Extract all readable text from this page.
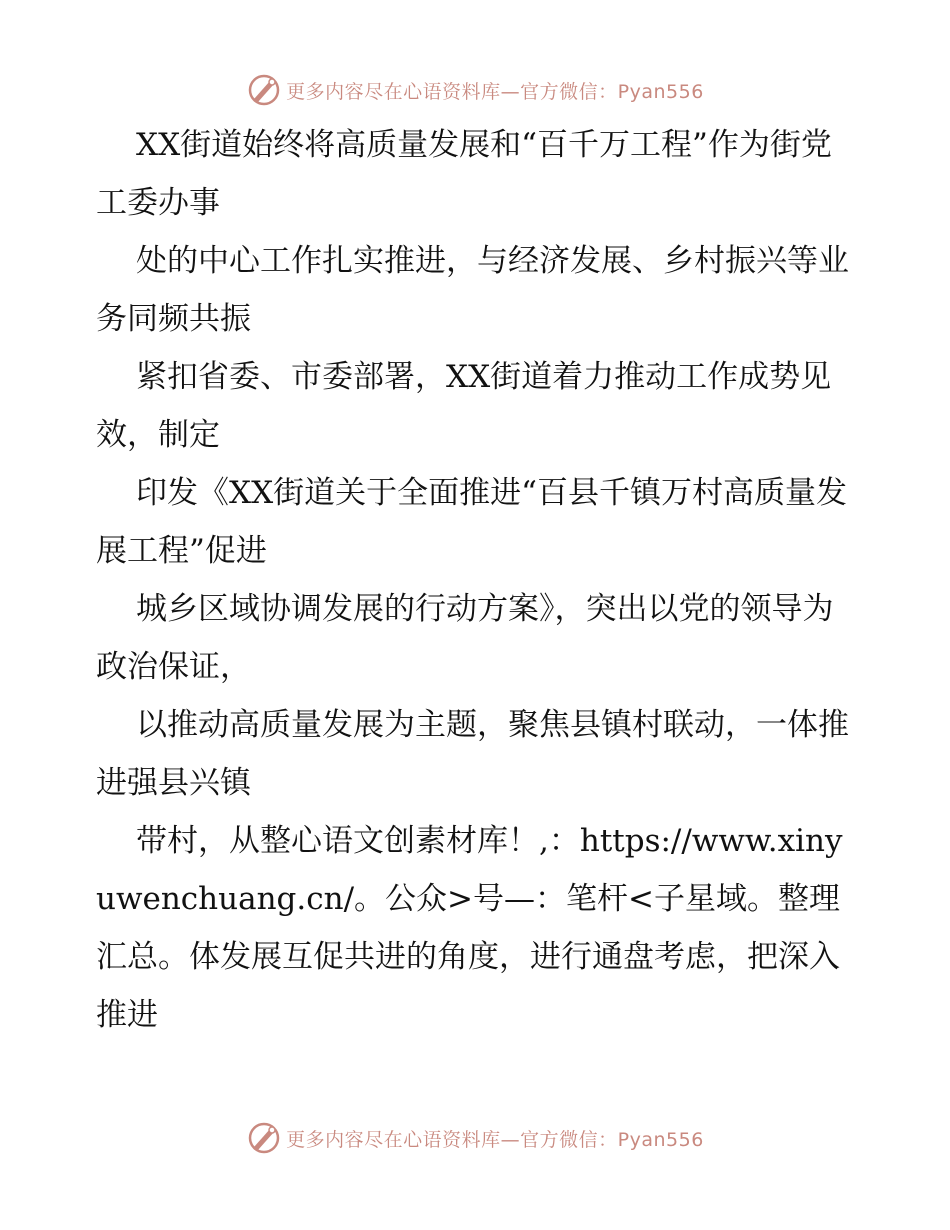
更多内容尽在心语资料库—官方微信：Pyan556

XX街道始终将高质量发展和“百千万工程”作为街党工委办事

处的中心工作扎实推进，与经济发展、乡村振兴等业务同频共振

紧扣省委、市委部署，XX街道着力推动工作成势见效，制定

印发《XX街道关于全面推进“百县千镇万村高质量发展工程”促进

城乡区域协调发展的行动方案》，突出以党的领导为政治保证，

以推动高质量发展为主题，聚焦县镇村联动，一体推进强县兴镇

带村，从整心语文创素材库！,：https://www.xinyuwenchuang.cn/。公众>号—：笔杆<子星域。整理汇总。体发展互促共进的角度，进行通盘考虑，把深入推进

更多内容尽在心语资料库—官方微信：Pyan556
